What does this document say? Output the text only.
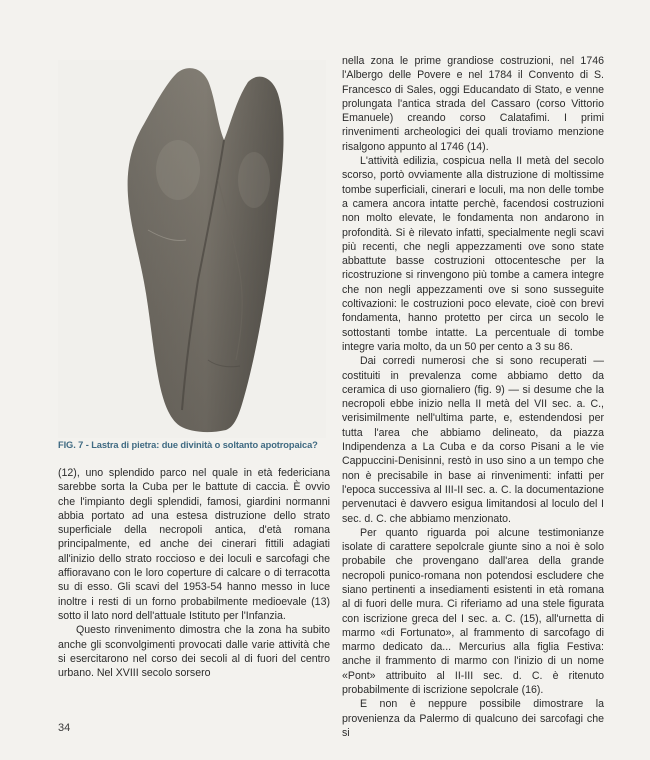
FIG. 7 - Lastra di pietra: due divinità o soltanto apotropaica?

(12), uno splendido parco nel quale in età federiciana sarebbe sorta la Cuba per le battute di caccia. È ovvio che l'impianto degli splendidi, famosi, giardini normanni abbia portato ad una estesa distruzione dello strato superficiale della necropoli antica, d'età romana principalmente, ed anche dei cinerari fittili adagiati all'inizio dello strato roccioso e dei loculi e sarcofagi che affioravano con le loro coperture di calcare o di terracotta su di esso. Gli scavi del 1953-54 hanno messo in luce inoltre i resti di un forno probabilmente medioevale (13) sotto il lato nord dell'attuale Istituto per l'Infanzia.

Questo rinvenimento dimostra che la zona ha subito anche gli sconvolgimenti provocati dalle varie attività che si esercitarono nel corso dei secoli al di fuori del centro urbano. Nel XVIII secolo sorsero

nella zona le prime grandiose costruzioni, nel 1746 l'Albergo delle Povere e nel 1784 il Convento di S. Francesco di Sales, oggi Educandato di Stato, e venne prolungata l'antica strada del Cassaro (corso Vittorio Emanuele) creando corso Calatafimi. I primi rinvenimenti archeologici dei quali troviamo menzione risalgono appunto al 1746 (14).

L'attività edilizia, cospicua nella II metà del secolo scorso, portò ovviamente alla distruzione di moltissime tombe superficiali, cinerari e loculi, ma non delle tombe a camera ancora intatte perchè, facendosi costruzioni non molto elevate, le fondamenta non andarono in profondità. Si è rilevato infatti, specialmente negli scavi più recenti, che negli appezzamenti ove sono state abbattute basse costruzioni ottocentesche per la ricostruzione si rinvengono più tombe a camera integre che non negli appezzamenti ove si sono susseguite coltivazioni: le costruzioni poco elevate, cioè con brevi fondamenta, hanno protetto per circa un secolo le sottostanti tombe intatte. La percentuale di tombe integre varia molto, da un 50 per cento a 3 su 86.

Dai corredi numerosi che si sono recuperati — costituiti in prevalenza come abbiamo detto da ceramica di uso giornaliero (fig. 9) — si desume che la necropoli ebbe inizio nella II metà del VII sec. a. C., verisimilmente nell'ultima parte, e, estendendosi per tutta l'area che abbiamo delineato, da piazza Indipendenza a La Cuba e da corso Pisani a le vie Cappuccini-Denisinni, restò in uso sino a un tempo che non è precisabile in base ai rinvenimenti: infatti per l'epoca successiva al III-II sec. a. C. la documentazione pervenutaci è davvero esigua limitandosi al loculo del I sec. d. C. che abbiamo menzionato.

Per quanto riguarda poi alcune testimonianze isolate di carattere sepolcrale giunte sino a noi è solo probabile che provengano dall'area della grande necropoli punico-romana non potendosi escludere che siano pertinenti a insediamenti esistenti in età romana al di fuori delle mura. Ci riferiamo ad una stele figurata con iscrizione greca del I sec. a. C. (15), all'urnetta di marmo «di Fortunato», al frammento di sarcofago di marmo dedicato da... Mercurius alla figlia Festiva: anche il frammento di marmo con l'inizio di un nome «Pont» attribuito al II-III sec. d. C. è ritenuto probabilmente di iscrizione sepolcrale (16).

E non è neppure possibile dimostrare la provenienza da Palermo di qualcuno dei sarcofagi che si

34
